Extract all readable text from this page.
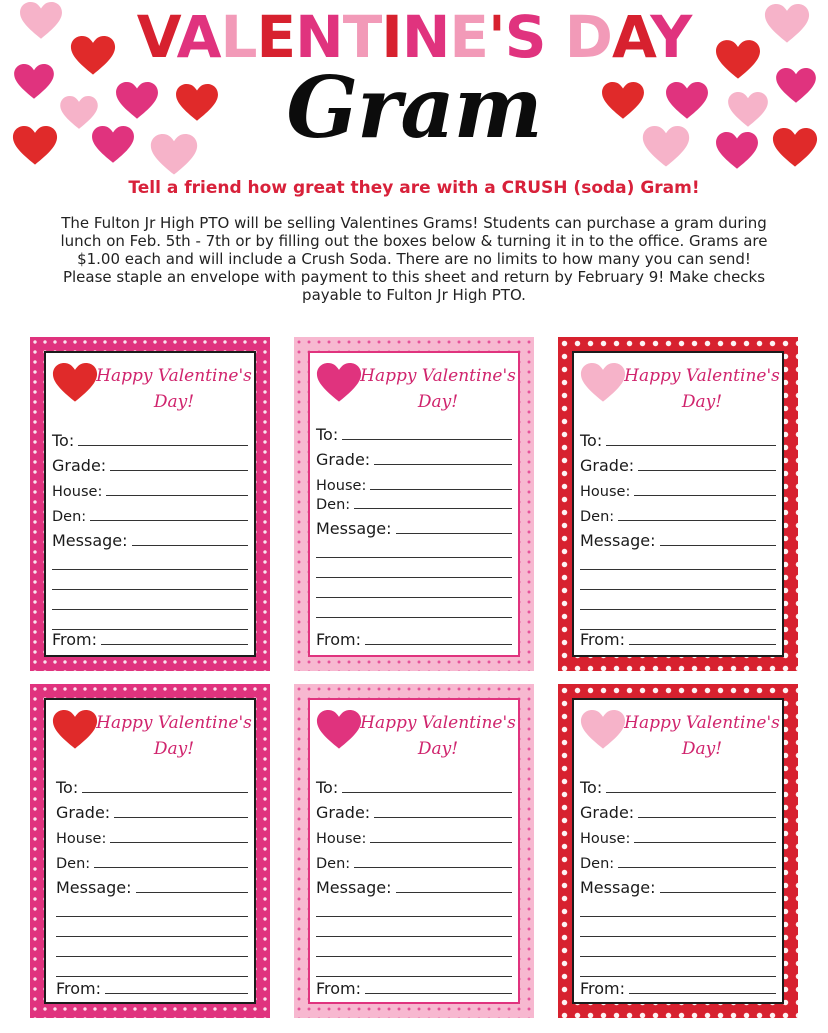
VALENTINE'S DAY
Gram
Tell a friend how great they are with a CRUSH (soda) Gram!
The Fulton Jr High PTO will be selling Valentines Grams! Students can purchase a gram during lunch on Feb. 5th - 7th or by filling out the boxes below & turning it in to the office. Grams are $1.00 each and will include a Crush Soda. There are no limits to how many you can send! Please staple an envelope with payment to this sheet and return by February 9! Make checks payable to Fulton Jr High PTO.
Happy Valentine's
Day!
To:
Grade:
House:
Den:
Message:
From:
Happy Valentine's
Day!
To:
Grade:
House:
Den:
Message:
From:
Happy Valentine's
Day!
To:
Grade:
House:
Den:
Message:
From:
Happy Valentine's
Day!
To:
Grade:
House:
Den:
Message:
From:
Happy Valentine's
Day!
To:
Grade:
House:
Den:
Message:
From:
Happy Valentine's
Day!
To:
Grade:
House:
Den:
Message:
From:
